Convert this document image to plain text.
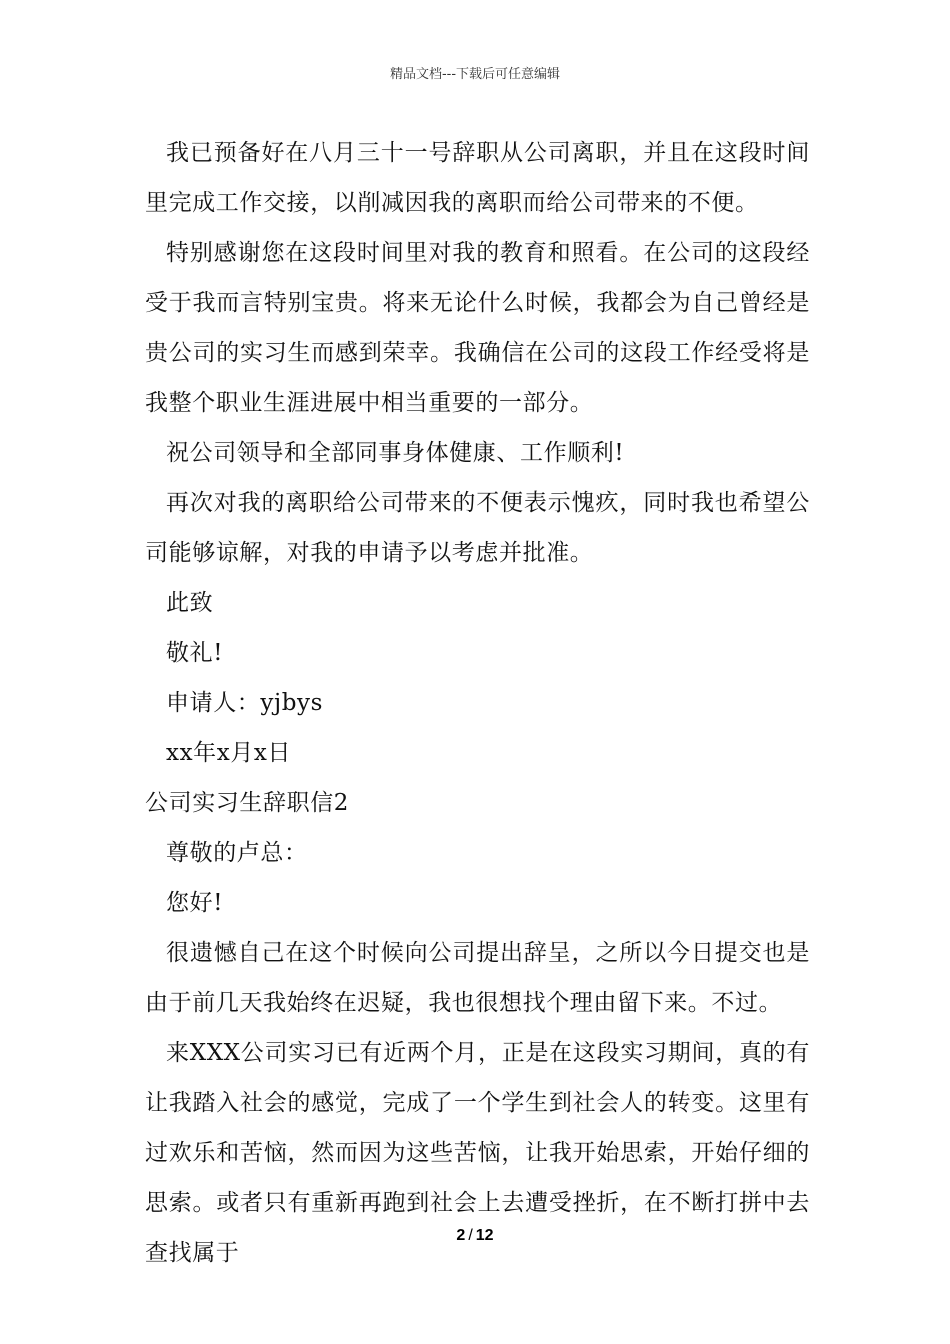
精品文档---下载后可任意编辑

我已预备好在八月三十一号辞职从公司离职，并且在这段时间里完成工作交接，以削减因我的离职而给公司带来的不便。

特别感谢您在这段时间里对我的教育和照看。在公司的这段经受于我而言特别宝贵。将来无论什么时候，我都会为自己曾经是贵公司的实习生而感到荣幸。我确信在公司的这段工作经受将是我整个职业生涯进展中相当重要的一部分。

祝公司领导和全部同事身体健康、工作顺利!

再次对我的离职给公司带来的不便表示愧疚，同时我也希望公司能够谅解，对我的申请予以考虑并批准。

此致

敬礼!

申请人：yjbys

xx年x月x日

公司实习生辞职信2

尊敬的卢总：

您好!

很遗憾自己在这个时候向公司提出辞呈，之所以今日提交也是由于前几天我始终在迟疑，我也很想找个理由留下来。不过。

来XXX公司实习已有近两个月，正是在这段实习期间，真的有让我踏入社会的感觉，完成了一个学生到社会人的转变。这里有过欢乐和苦恼，然而因为这些苦恼，让我开始思索，开始仔细的思索。或者只有重新再跑到社会上去遭受挫折，在不断打拼中去查找属于

2 / 12
